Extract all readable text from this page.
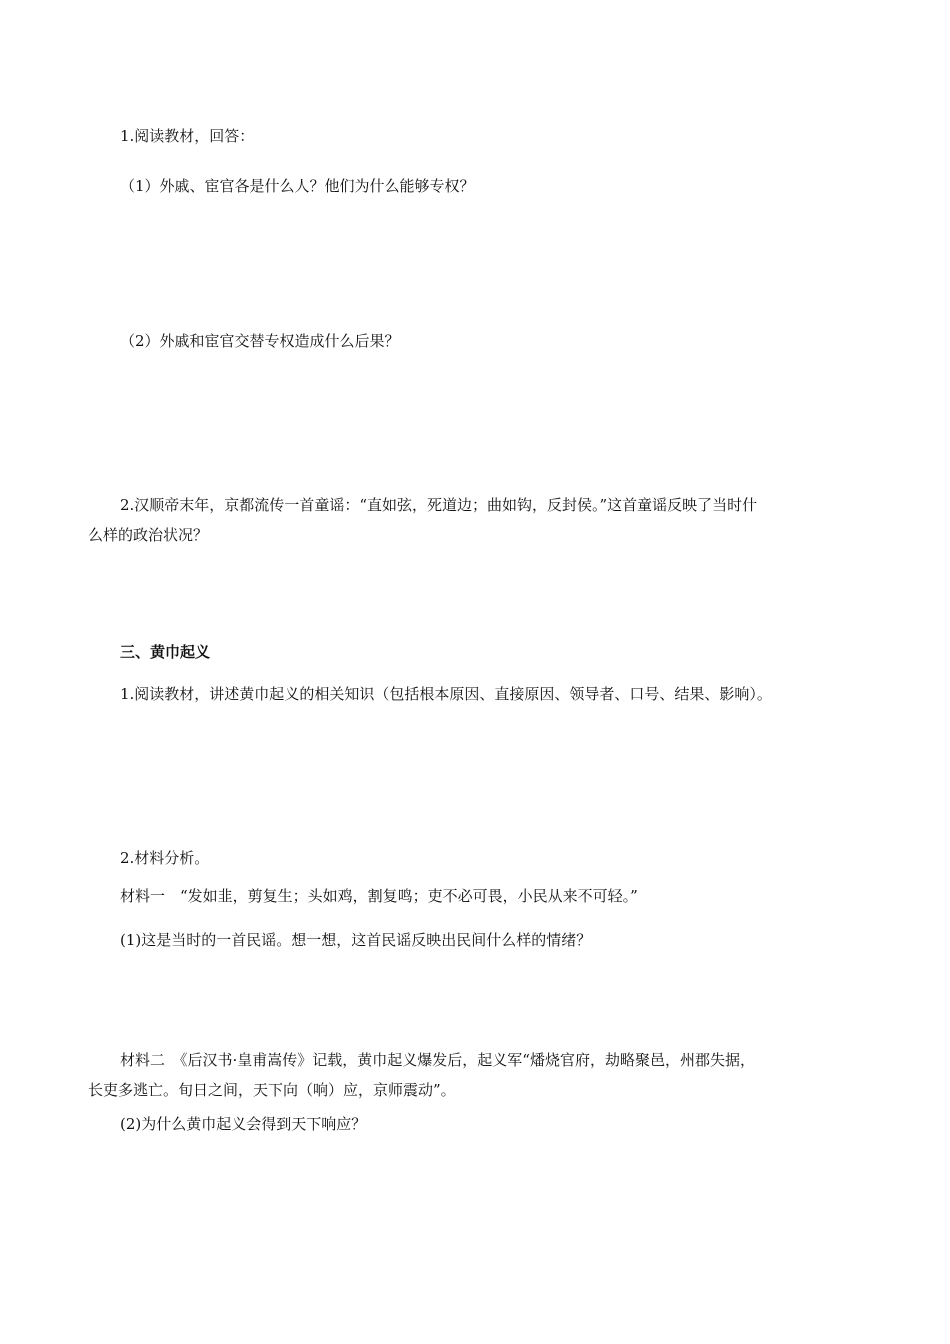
1.阅读教材，回答：
（1）外戚、宦官各是什么人？他们为什么能够专权？
（2）外戚和宦官交替专权造成什么后果？
2.汉顺帝末年，京都流传一首童谣：“直如弦，死道边；曲如钩，反封侯。”这首童谣反映了当时什
么样的政治状况？
三、黄巾起义
1.阅读教材，讲述黄巾起义的相关知识（包括根本原因、直接原因、领导者、口号、结果、影响）。
2.材料分析。
材料一　“发如韭，剪复生；头如鸡，割复鸣；吏不必可畏，小民从来不可轻。”
(1)这是当时的一首民谣。想一想，这首民谣反映出民间什么样的情绪？
材料二　《后汉书·皇甫嵩传》记载，黄巾起义爆发后，起义军“燔烧官府，劫略聚邑，州郡失据，
长吏多逃亡。旬日之间，天下向（响）应，京师震动”。
(2)为什么黄巾起义会得到天下响应？
